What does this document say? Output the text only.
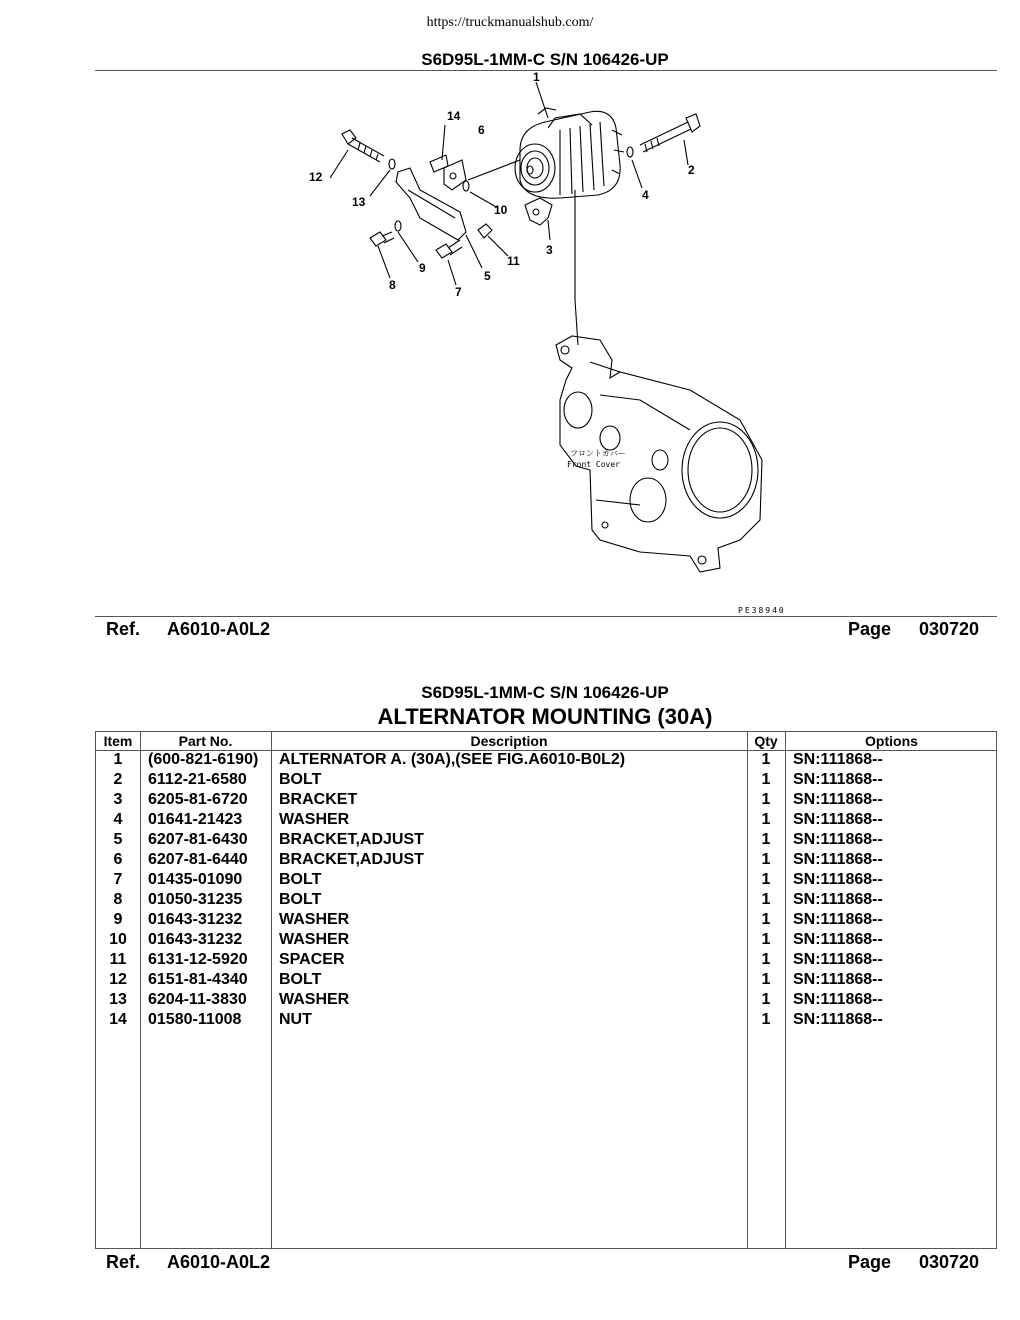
https://truckmanualshub.com/
S6D95L-1MM-C S/N 106426-UP
1
2
3
4
5
6
7
8
9
10
11
12
13
14
フロントカバー
Front Cover
PE38940
Ref. A6010-A0L2	Page 030720
S6D95L-1MM-C S/N 106426-UP
ALTERNATOR MOUNTING (30A)
Item	Part No.	Description	Qty	Options
1	(600-821-6190)	ALTERNATOR A. (30A),(SEE FIG.A6010-B0L2)	1	SN:111868--
2	6112-21-6580	BOLT	1	SN:111868--
3	6205-81-6720	BRACKET	1	SN:111868--
4	01641-21423	WASHER	1	SN:111868--
5	6207-81-6430	BRACKET,ADJUST	1	SN:111868--
6	6207-81-6440	BRACKET,ADJUST	1	SN:111868--
7	01435-01090	BOLT	1	SN:111868--
8	01050-31235	BOLT	1	SN:111868--
9	01643-31232	WASHER	1	SN:111868--
10	01643-31232	WASHER	1	SN:111868--
11	6131-12-5920	SPACER	1	SN:111868--
12	6151-81-4340	BOLT	1	SN:111868--
13	6204-11-3830	WASHER	1	SN:111868--
14	01580-11008	NUT	1	SN:111868--
Ref. A6010-A0L2	Page 030720
